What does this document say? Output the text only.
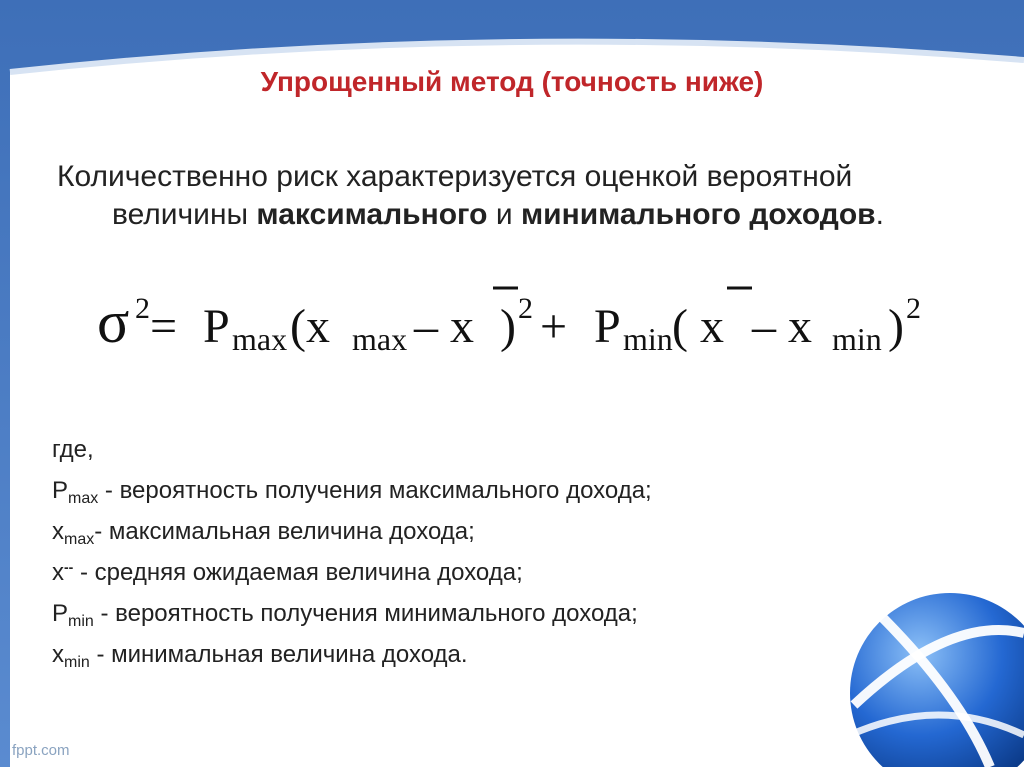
Упрощенный метод (точность ниже)
Количественно риск характеризуется оценкой вероятной
величины максимального и минимального доходов.
σ 2 = P max (x max – x ) 2 + P min ( x – x min ) 2
где,
$P_{max}$ - вероятность получения максимального дохода;
$x_{max}-$ максимальная величина дохода;
x-- - средняя ожидаемая величина дохода;
$P_{min}$ - вероятность получения минимального дохода;
$x_{min}$ - минимальная величина дохода.
fppt.com
